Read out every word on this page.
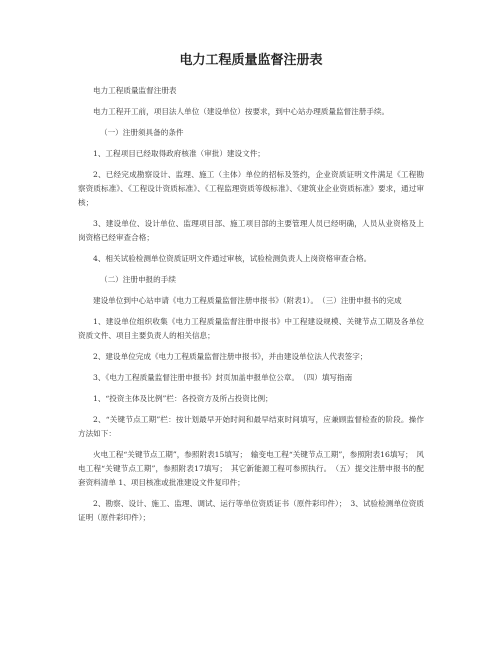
电力工程质量监督注册表

电力工程质量监督注册表

电力工程开工前，项目法人单位（建设单位）按要求，到中心站办理质量监督注册手续。

（一）注册须具备的条件

1、工程项目已经取得政府核准（审批）建设文件；

2、已经完成勘察设计、监理、施工（主体）单位的招标及签约，企业资质证明文件满足《工程勘察资质标准》、《工程设计资质标准》、《工程监理资质等级标准》、《建筑业企业资质标准》要求，通过审核；

3、建设单位、设计单位、监理项目部、施工项目部的主要管理人员已经明确，人员从业资格及上岗资格已经审查合格；

4、相关试验检测单位资质证明文件通过审核，试验检测负责人上岗资格审查合格。

（二）注册申报的手续

建设单位到中心站申请《电力工程质量监督注册申报书》（附表1）。　（三）注册申报书的完成

1、建设单位组织收集《电力工程质量监督注册申报书》中工程建设规模、关键节点工期及各单位资质文件、项目主要负责人的相关信息；

2、建设单位完成《电力工程质量监督注册申报书》，并由建设单位法人代表签字；

3、《电力工程质量监督注册申报书》封页加盖申报单位公章。　（四）填写指南

1、“投资主体及比例”栏：各投资方及所占投资比例；

2、“关键节点工期”栏：按计划最早开始时间和最早结束时间填写，应兼顾监督检查的阶段。操作方法如下：

火电工程“关键节点工期”，参照附表15填写；　输变电工程“关键节点工期”，参照附表16填写；　风电工程“关键节点工期”，参照附表17填写；　其它新能源工程可参照执行。　（五）提交注册申报书的配套资料清单 1、项目核准或批准建设文件复印件；

2、勘察、设计、施工、监理、调试、运行等单位资质证书（原件彩印件）；　3、试验检测单位资质证明（原件彩印件）；
